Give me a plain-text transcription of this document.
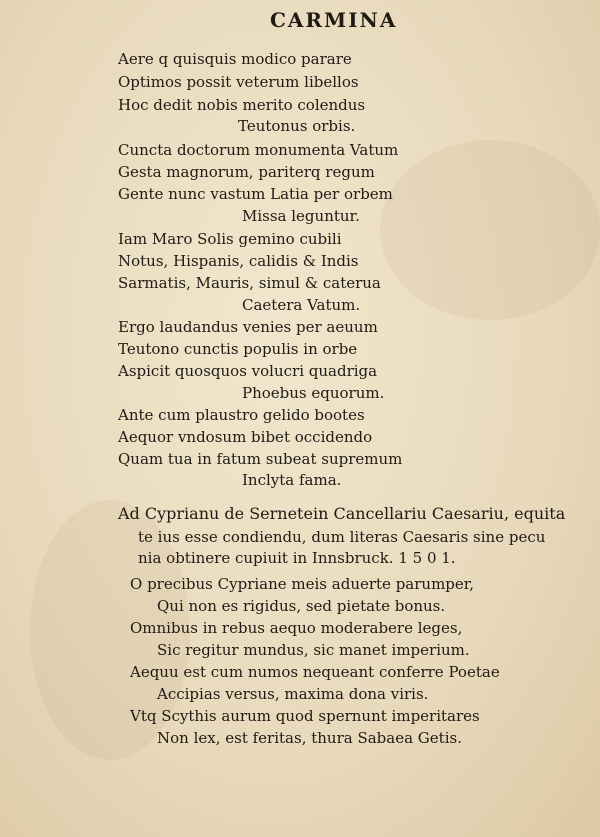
CARMINA
Aere q quisquis modico parare
Optimos possit veterum libellos
Hoc dedit nobis merito colendus
Teutonus orbis.
Cuncta doctorum monumenta Vatum
Gesta magnorum, pariterq regum
Gente nunc vastum Latia per orbem
Missa leguntur.
Iam Maro Solis gemino cubili
Notus, Hispanis, calidis & Indis
Sarmatis, Mauris, simul & caterua
Caetera Vatum.
Ergo laudandus venies per aeuum
Teutono cunctis populis in orbe
Aspicit quosquos volucri quadriga
Phoebus equorum.
Ante cum plaustro gelido bootes
Aequor vndosum bibet occidendo
Quam tua in fatum subeat supremum
Inclyta fama.
Ad Cyprianu de Sernetein Cancellariu Caesariu, equita
te ius esse condiendu, dum literas Caesaris sine pecu
nia obtinere cupiuit in Innsbruck. 1 5 0 1.
O precibus Cypriane meis aduerte parumper,
Qui non es rigidus, sed pietate bonus.
Omnibus in rebus aequo moderabere leges,
Sic regitur mundus, sic manet imperium.
Aequu est cum numos nequeant conferre Poetae
Accipias versus, maxima dona viris.
Vtq Scythis aurum quod spernunt imperitares
Non lex, est feritas, thura Sabaea Getis.
